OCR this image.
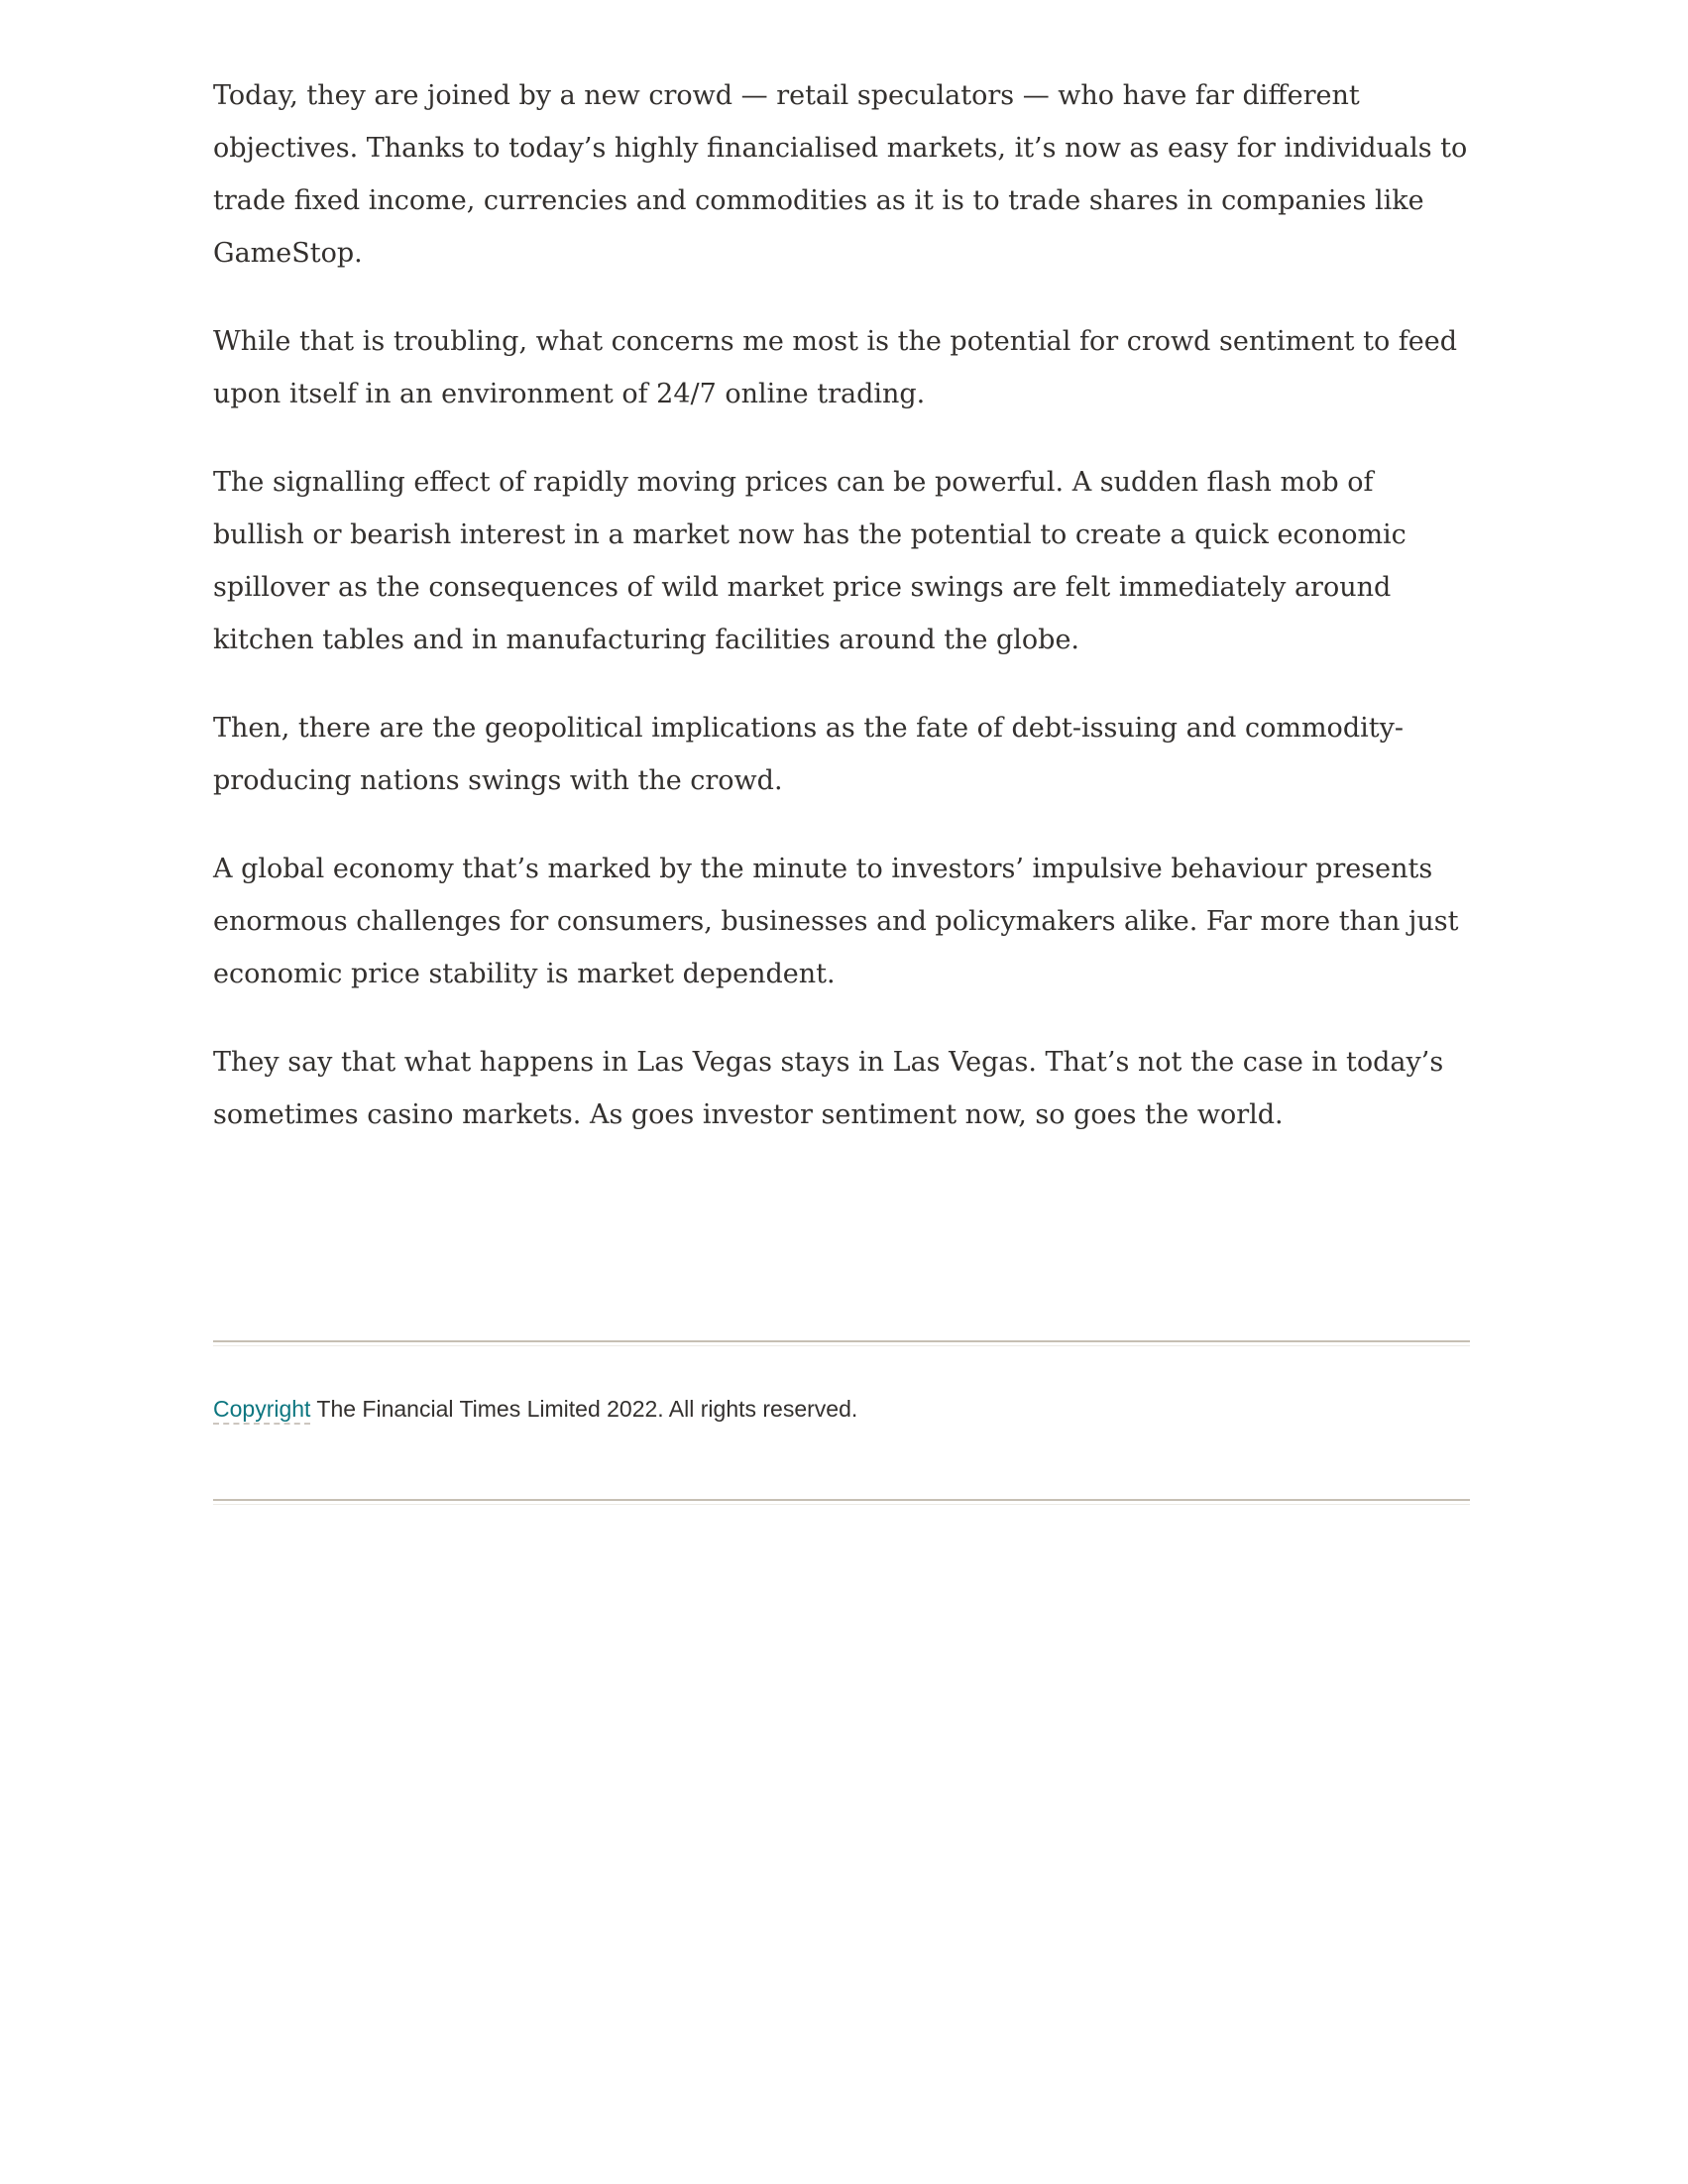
Today, they are joined by a new crowd — retail speculators — who have far different objectives. Thanks to today’s highly financialised markets, it’s now as easy for individuals to trade fixed income, currencies and commodities as it is to trade shares in companies like GameStop.

While that is troubling, what concerns me most is the potential for crowd sentiment to feed upon itself in an environment of 24/7 online trading.

The signalling effect of rapidly moving prices can be powerful. A sudden flash mob of bullish or bearish interest in a market now has the potential to create a quick economic spillover as the consequences of wild market price swings are felt immediately around kitchen tables and in manufacturing facilities around the globe.

Then, there are the geopolitical implications as the fate of debt-issuing and commodity-producing nations swings with the crowd.

A global economy that’s marked by the minute to investors’ impulsive behaviour presents enormous challenges for consumers, businesses and policymakers alike. Far more than just economic price stability is market dependent.

They say that what happens in Las Vegas stays in Las Vegas. That’s not the case in today’s sometimes casino markets. As goes investor sentiment now, so goes the world.

Copyright The Financial Times Limited 2022. All rights reserved.
